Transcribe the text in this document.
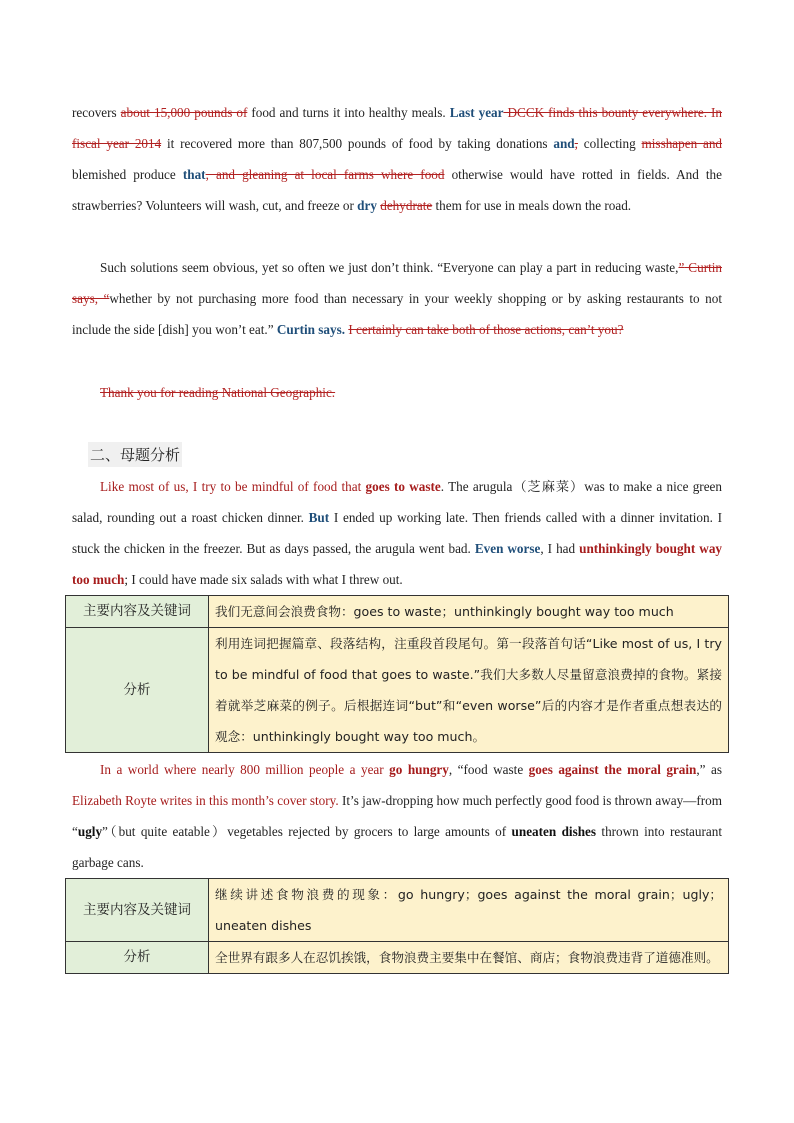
recovers about 15,000 pounds of food and turns it into healthy meals. Last year DCCK finds this bounty everywhere. In fiscal year 2014 it recovered more than 807,500 pounds of food by taking donations and, collecting misshapen and blemished produce that, and gleaning at local farms where food otherwise would have rotted in fields. And the strawberries? Volunteers will wash, cut, and freeze or dry dehydrate them for use in meals down the road.

Such solutions seem obvious, yet so often we just don’t think. “Everyone can play a part in reducing waste,” Curtin says, “whether by not purchasing more food than necessary in your weekly shopping or by asking restaurants to not include the side [dish] you won’t eat.” Curtin says. I certainly can take both of those actions, can’t you?

Thank you for reading National Geographic.

二、母题分析

Like most of us, I try to be mindful of food that goes to waste. The arugula（芝麻菜）was to make a nice green salad, rounding out a roast chicken dinner. But I ended up working late. Then friends called with a dinner invitation. I stuck the chicken in the freezer. But as days passed, the arugula went bad. Even worse, I had unthinkingly bought way too much; I could have made six salads with what I threw out.

主要内容及关键词	我们无意间会浪费食物：goes to waste；unthinkingly bought way too much
分析	利用连词把握篇章、段落结构，注重段首段尾句。第一段落首句话“Like most of us, I try to be mindful of food that goes to waste.”我们大多数人尽量留意浪费掉的食物。紧接着就举芝麻菜的例子。后根据连词“but”和“even worse”后的内容才是作者重点想表达的观念：unthinkingly bought way too much。

In a world where nearly 800 million people a year go hungry, “food waste goes against the moral grain,” as Elizabeth Royte writes in this month’s cover story. It’s jaw-dropping how much perfectly good food is thrown away—from “ugly”（but quite eatable）vegetables rejected by grocers to large amounts of uneaten dishes thrown into restaurant garbage cans.

主要内容及关键词	继续讲述食物浪费的现象：go hungry；goes against the moral grain；ugly；uneaten dishes
分析	全世界有跟多人在忍饥挨饿，食物浪费主要集中在餐馆、商店；食物浪费违背了道德准则。
